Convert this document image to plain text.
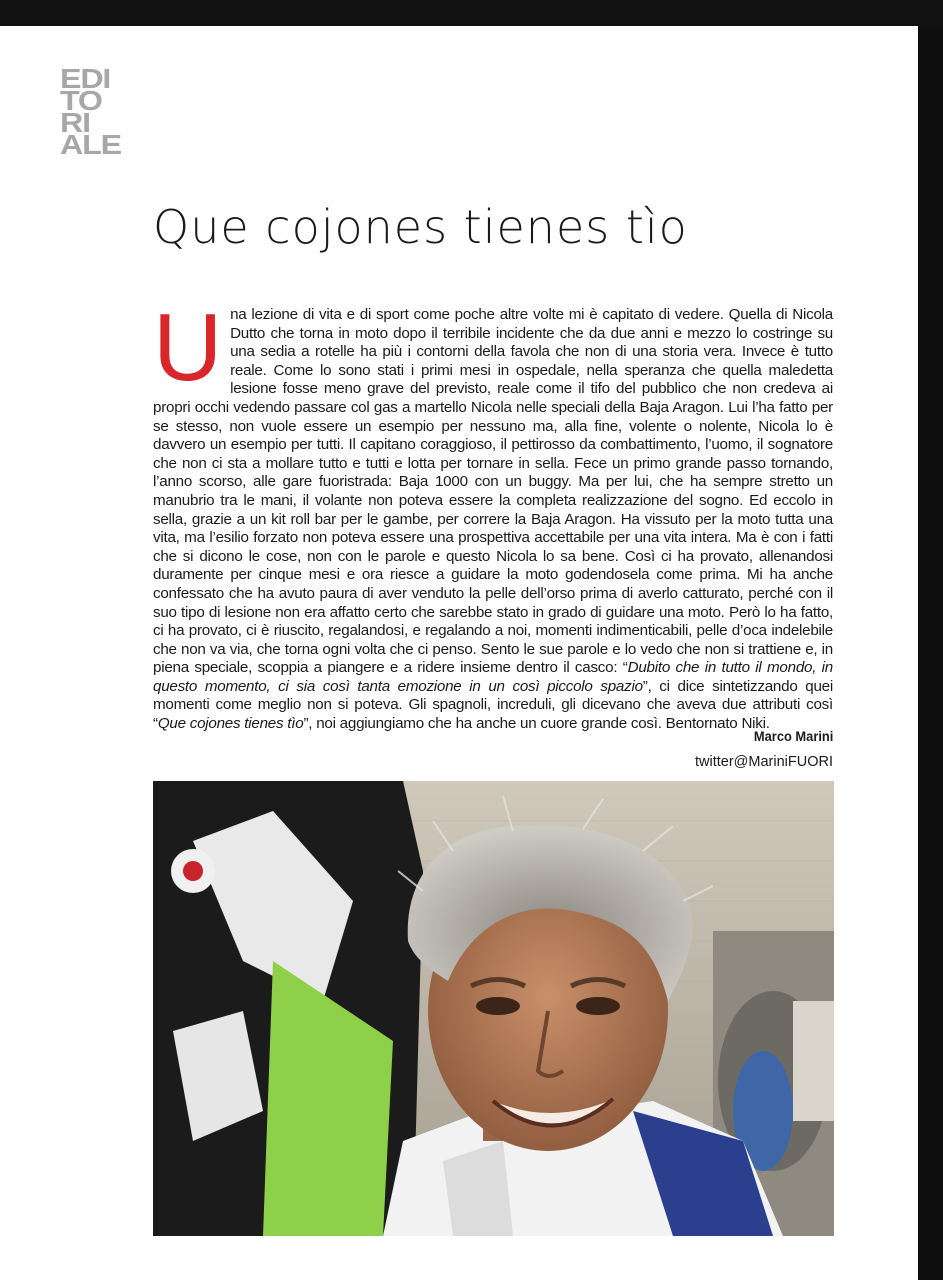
EDI
TO
RI
ALE
Que cojones tienes tìo
Una lezione di vita e di sport come poche altre volte mi è capitato di vedere. Quella di Nicola Dutto che torna in moto dopo il terribile incidente che da due anni e mezzo lo costringe su una sedia a rotelle ha più i contorni della favola che non di una storia vera. Invece è tutto reale. Come lo sono stati i primi mesi in ospedale, nella speranza che quella maledetta lesione fosse meno grave del previsto, reale come il tifo del pubblico che non credeva ai propri occhi vedendo passare col gas a martello Nicola nelle speciali della Baja Aragon. Lui l’ha fatto per se stesso, non vuole essere un esempio per nessuno ma, alla fine, volente o nolente, Nicola lo è davvero un esempio per tutti. Il capitano coraggioso, il pettirosso da combattimento, l’uomo, il sognatore che non ci sta a mollare tutto e tutti e lotta per tornare in sella. Fece un primo grande passo tornando, l’anno scorso, alle gare fuoristrada: Baja 1000 con un buggy. Ma per lui, che ha sempre stretto un manubrio tra le mani, il volante non poteva essere la completa realizzazione del sogno. Ed eccolo in sella, grazie a un kit roll bar per le gambe, per correre la Baja Aragon. Ha vissuto per la moto tutta una vita, ma l’esilio forzato non poteva essere una prospettiva accettabile per una vita intera. Ma è con i fatti che si dicono le cose, non con le parole e questo Nicola lo sa bene. Così ci ha provato, allenandosi duramente per cinque mesi e ora riesce a guidare la moto godendosela come prima. Mi ha anche confessato che ha avuto paura di aver venduto la pelle dell’orso prima di averlo catturato, perché con il suo tipo di lesione non era affatto certo che sarebbe stato in grado di guidare una moto. Però lo ha fatto, ci ha provato, ci è riuscito, regalandosi, e regalando a noi, momenti indimenticabili, pelle d’oca indelebile che non va via, che torna ogni volta che ci penso. Sento le sue parole e lo vedo che non si trattiene e, in piena speciale, scoppia a piangere e a ridere insieme dentro il casco: “Dubito che in tutto il mondo, in questo momento, ci sia così tanta emozione in un così piccolo spazio”, ci dice sintetizzando quei momenti come meglio non si poteva. Gli spagnoli, increduli, gli dicevano che aveva due attributi così “Que cojones tienes tìo”, noi aggiungiamo che ha anche un cuore grande così. Bentornato Niki.
Marco Marini
twitter@MariniFUORI
